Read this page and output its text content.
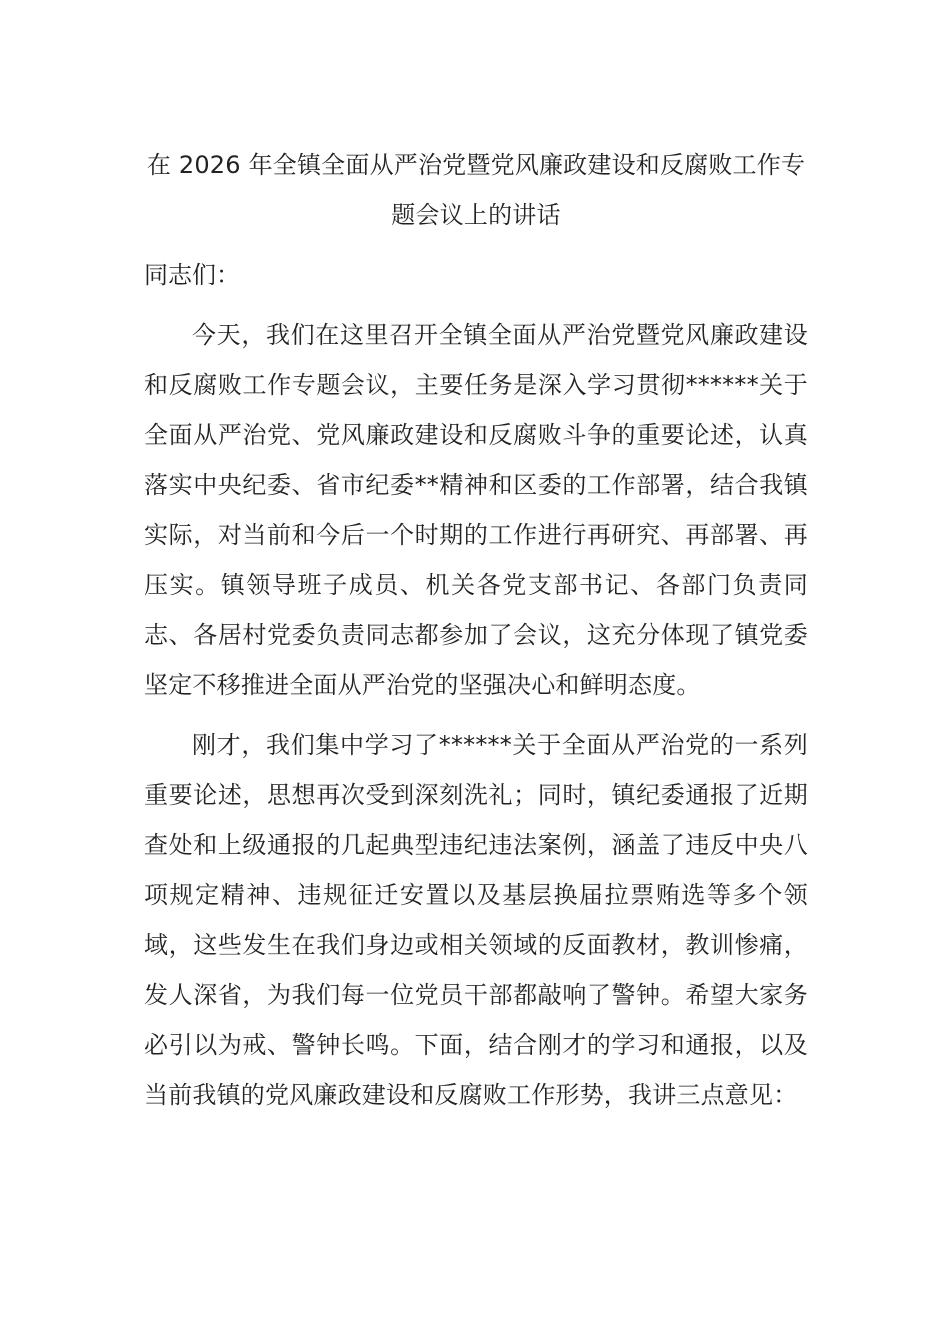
在 2026 年全镇全面从严治党暨党风廉政建设和反腐败工作专
题会议上的讲话

同志们：

今天，我们在这里召开全镇全面从严治党暨党风廉政建设和反腐败工作专题会议，主要任务是深入学习贯彻******关于全面从严治党、党风廉政建设和反腐败斗争的重要论述，认真落实中央纪委、省市纪委**精神和区委的工作部署，结合我镇实际，对当前和今后一个时期的工作进行再研究、再部署、再压实。镇领导班子成员、机关各党支部书记、各部门负责同志、各居村党委负责同志都参加了会议，这充分体现了镇党委坚定不移推进全面从严治党的坚强决心和鲜明态度。

刚才，我们集中学习了******关于全面从严治党的一系列重要论述，思想再次受到深刻洗礼；同时，镇纪委通报了近期查处和上级通报的几起典型违纪违法案例，涵盖了违反中央八项规定精神、违规征迁安置以及基层换届拉票贿选等多个领域，这些发生在我们身边或相关领域的反面教材，教训惨痛，发人深省，为我们每一位党员干部都敲响了警钟。希望大家务必引以为戒、警钟长鸣。下面，结合刚才的学习和通报，以及当前我镇的党风廉政建设和反腐败工作形势，我讲三点意见：
